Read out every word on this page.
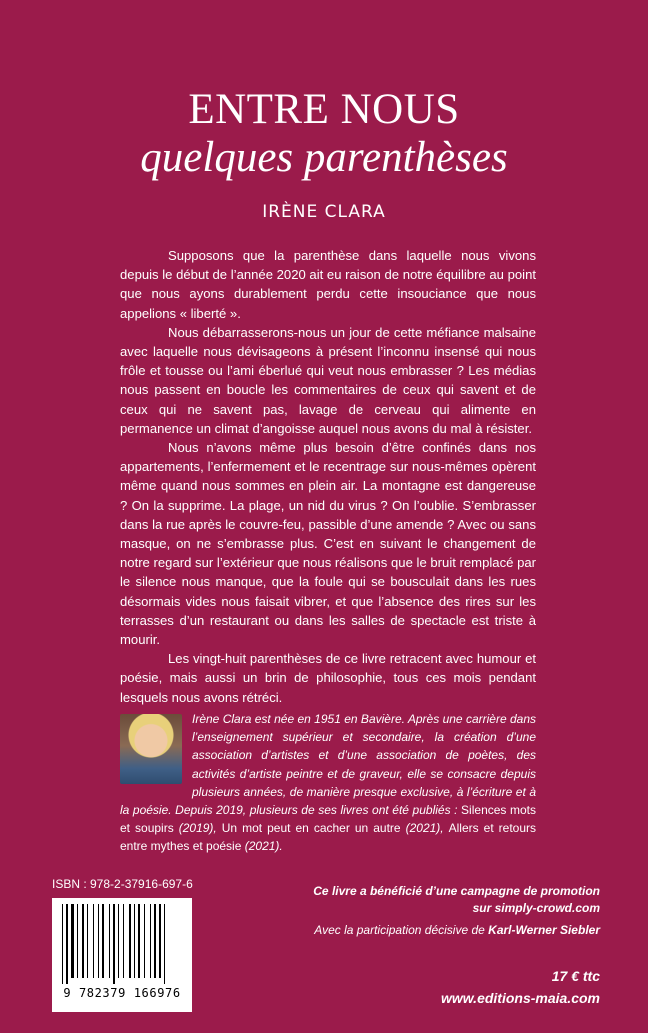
ENTRE NOUS
quelques parenthèses
IRÈNE CLARA

Supposons que la parenthèse dans laquelle nous vivons depuis le début de l’année 2020 ait eu raison de notre équilibre au point que nous ayons durablement perdu cette insouciance que nous appelions « liberté ».

Nous débarrasserons-nous un jour de cette méfiance malsaine avec laquelle nous dévisageons à présent l’inconnu insensé qui nous frôle et tousse ou l’ami éberlué qui veut nous embrasser ? Les médias nous passent en boucle les commentaires de ceux qui savent et de ceux qui ne savent pas, lavage de cerveau qui alimente en permanence un climat d’angoisse auquel nous avons du mal à résister.

Nous n’avons même plus besoin d’être confinés dans nos appartements, l’enfermement et le recentrage sur nous-mêmes opèrent même quand nous sommes en plein air. La montagne est dangereuse ? On la supprime. La plage, un nid du virus ? On l’oublie. S’embrasser dans la rue après le couvre-feu, passible d’une amende ? Avec ou sans masque, on ne s’embrasse plus. C’est en suivant le changement de notre regard sur l’extérieur que nous réalisons que le bruit remplacé par le silence nous manque, que la foule qui se bousculait dans les rues désormais vides nous faisait vibrer, et que l’absence des rires sur les terrasses d’un restaurant ou dans les salles de spectacle est triste à mourir.

Les vingt-huit parenthèses de ce livre retracent avec humour et poésie, mais aussi un brin de philosophie, tous ces mois pendant lesquels nous avons rétréci.

Irène Clara est née en 1951 en Bavière. Après une carrière dans l’enseignement supérieur et secondaire, la création d’une association d’artistes et d’une association de poètes, des activités d’artiste peintre et de graveur, elle se consacre depuis plusieurs années, de manière presque exclusive, à l’écriture et à la poésie. Depuis 2019, plusieurs de ses livres ont été publiés : Silences mots et soupirs (2019), Un mot peut en cacher un autre (2021), Allers et retours entre mythes et poésie (2021).
ISBN : 978-2-37916-697-6
9 782379 166976
Ce livre a bénéficié d’une campagne de promotion
sur simply-crowd.com
Avec la participation décisive de Karl-Werner Siebler
17 € ttc
www.editions-maia.com
